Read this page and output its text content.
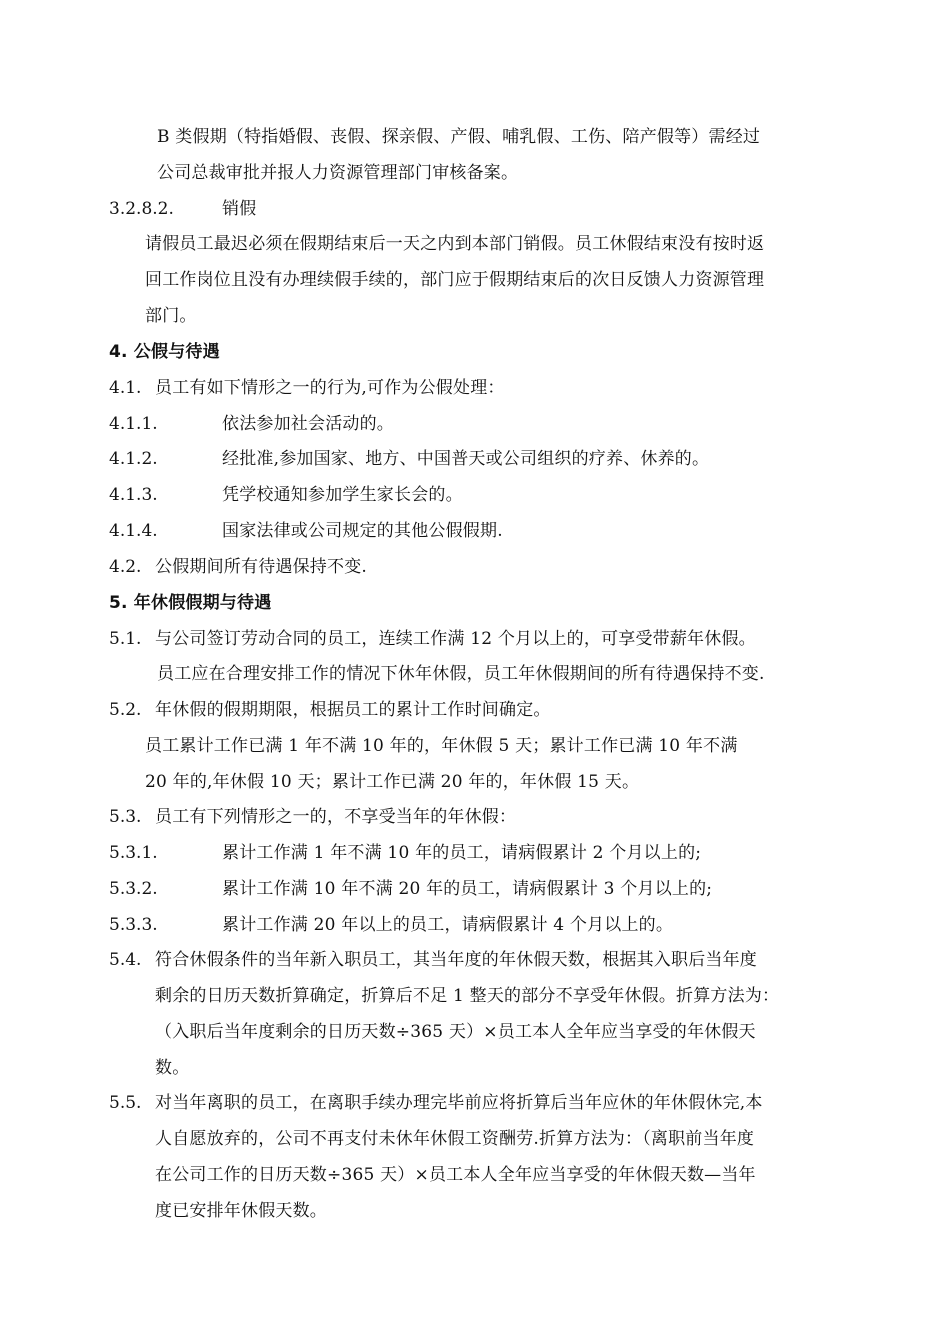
B 类假期（特指婚假、丧假、探亲假、产假、哺乳假、工伤、陪产假等）需经过
公司总裁审批并报人力资源管理部门审核备案。
3.2.8.2.	销假
请假员工最迟必须在假期结束后一天之内到本部门销假。员工休假结束没有按时返
回工作岗位且没有办理续假手续的，部门应于假期结束后的次日反馈人力资源管理
部门。
4. 公假与待遇
4.1. 员工有如下情形之一的行为,可作为公假处理：
4.1.1.	依法参加社会活动的。
4.1.2.	经批准,参加国家、地方、中国普天或公司组织的疗养、休养的。
4.1.3.	凭学校通知参加学生家长会的。
4.1.4.	国家法律或公司规定的其他公假假期.
4.2. 公假期间所有待遇保持不变.
5. 年休假假期与待遇
5.1. 与公司签订劳动合同的员工，连续工作满 12 个月以上的，可享受带薪年休假。
员工应在合理安排工作的情况下休年休假，员工年休假期间的所有待遇保持不变.
5.2. 年休假的假期期限，根据员工的累计工作时间确定。
员工累计工作已满 1 年不满 10 年的，年休假 5 天；累计工作已满 10 年不满
20 年的,年休假 10 天；累计工作已满 20 年的，年休假 15 天。
5.3. 员工有下列情形之一的，不享受当年的年休假：
5.3.1.	累计工作满 1 年不满 10 年的员工，请病假累计 2 个月以上的;
5.3.2.	累计工作满 10 年不满 20 年的员工，请病假累计 3 个月以上的;
5.3.3.	累计工作满 20 年以上的员工，请病假累计 4 个月以上的。
5.4. 符合休假条件的当年新入职员工，其当年度的年休假天数，根据其入职后当年度
剩余的日历天数折算确定，折算后不足 1 整天的部分不享受年休假。折算方法为：
（入职后当年度剩余的日历天数÷365 天）×员工本人全年应当享受的年休假天
数。
5.5. 对当年离职的员工，在离职手续办理完毕前应将折算后当年应休的年休假休完,本
人自愿放弃的，公司不再支付未休年休假工资酬劳.折算方法为：（离职前当年度
在公司工作的日历天数÷365 天）×员工本人全年应当享受的年休假天数—当年
度已安排年休假天数。
